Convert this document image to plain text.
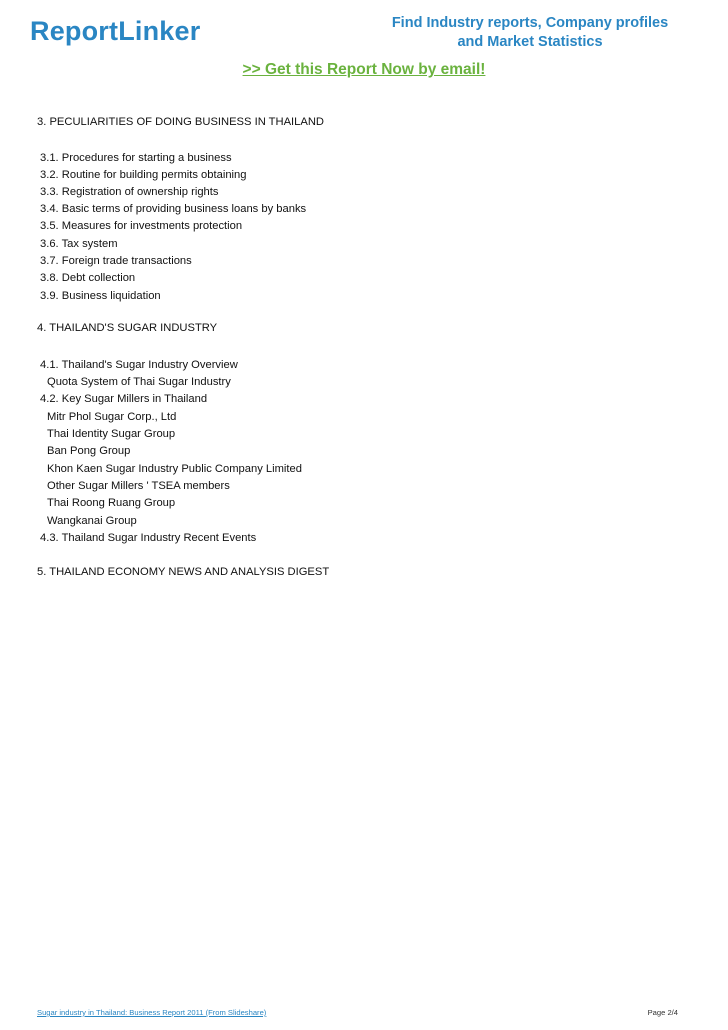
ReportLinker	Find Industry reports, Company profiles
and Market Statistics
>> Get this Report Now by email!
3. PECULIARITIES OF DOING BUSINESS IN THAILAND
3.1. Procedures for starting a business
3.2. Routine for building permits obtaining
3.3. Registration of ownership rights
3.4. Basic terms of providing business loans by banks
3.5. Measures for investments protection
3.6. Tax system
3.7. Foreign trade transactions
3.8. Debt collection
3.9. Business liquidation
4. THAILAND'S SUGAR INDUSTRY
4.1. Thailand's Sugar Industry Overview
Quota System of Thai Sugar Industry
4.2. Key Sugar Millers in Thailand
Mitr Phol Sugar Corp., Ltd
Thai Identity Sugar Group
Ban Pong Group
Khon Kaen Sugar Industry Public Company Limited
Other Sugar Millers ' TSEA members
Thai Roong Ruang Group
Wangkanai Group
4.3. Thailand Sugar Industry Recent Events
5. THAILAND ECONOMY NEWS AND ANALYSIS DIGEST
Sugar industry in Thailand: Business Report 2011 (From Slideshare)	Page 2/4
